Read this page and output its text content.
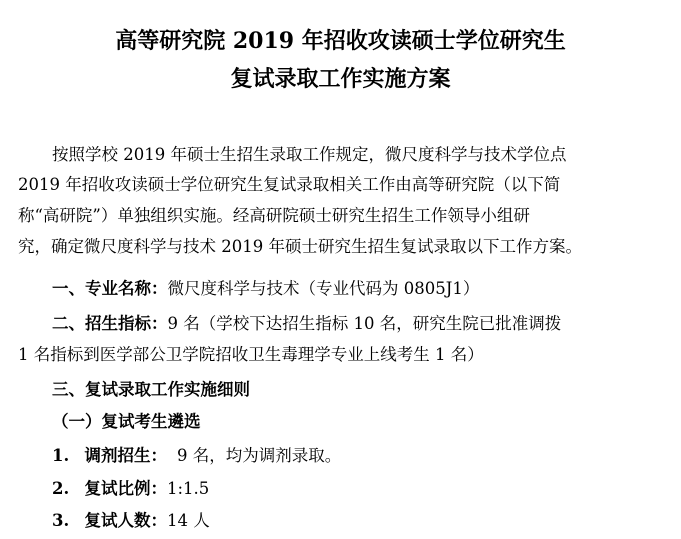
高等研究院 2019 年招收攻读硕士学位研究生
复试录取工作实施方案
按照学校 2019 年硕士生招生录取工作规定，微尺度科学与技术学位点
2019 年招收攻读硕士学位研究生复试录取相关工作由高等研究院（以下简
称“高研院”）单独组织实施。经高研院硕士研究生招生工作领导小组研
究，确定微尺度科学与技术 2019 年硕士研究生招生复试录取以下工作方案。
一、专业名称：微尺度科学与技术（专业代码为 0805J1）
二、招生指标：9 名（学校下达招生指标 10 名，研究生院已批准调拨
1 名指标到医学部公卫学院招收卫生毒理学专业上线考生 1 名）
三、复试录取工作实施细则
（一）复试考生遴选
1. 调剂招生： 9 名，均为调剂录取。
2. 复试比例：1:1.5
3. 复试人数：14 人
